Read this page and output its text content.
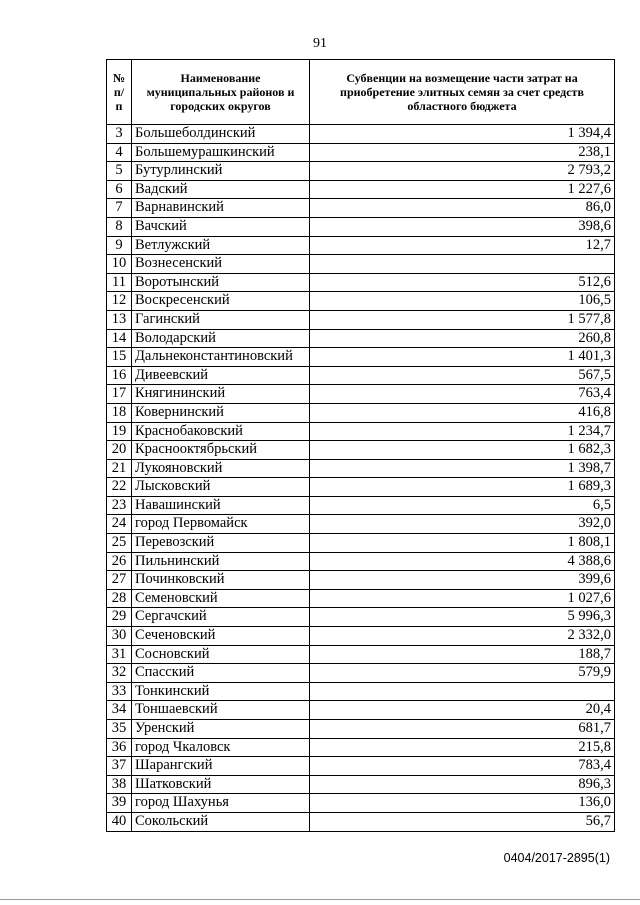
91
№ п/п	Наименование муниципальных районов и городских округов	Субвенции на возмещение части затрат на приобретение элитных семян за счет средств областного бюджета
3	Большеболдинский	1 394,4
4	Большемурашкинский	238,1
5	Бутурлинский	2 793,2
6	Вадский	1 227,6
7	Варнавинский	86,0
8	Вачский	398,6
9	Ветлужский	12,7
10	Вознесенский	
11	Воротынский	512,6
12	Воскресенский	106,5
13	Гагинский	1 577,8
14	Володарский	260,8
15	Дальнеконстантиновский	1 401,3
16	Дивеевский	567,5
17	Княгининский	763,4
18	Ковернинский	416,8
19	Краснобаковский	1 234,7
20	Краснооктябрьский	1 682,3
21	Лукояновский	1 398,7
22	Лысковский	1 689,3
23	Навашинский	6,5
24	город Первомайск	392,0
25	Перевозский	1 808,1
26	Пильнинский	4 388,6
27	Починковский	399,6
28	Семеновский	1 027,6
29	Сергачский	5 996,3
30	Сеченовский	2 332,0
31	Сосновский	188,7
32	Спасский	579,9
33	Тонкинский	
34	Тоншаевский	20,4
35	Уренский	681,7
36	город Чкаловск	215,8
37	Шарангский	783,4
38	Шатковский	896,3
39	город Шахунья	136,0
40	Сокольский	56,7
0404/2017-2895(1)
